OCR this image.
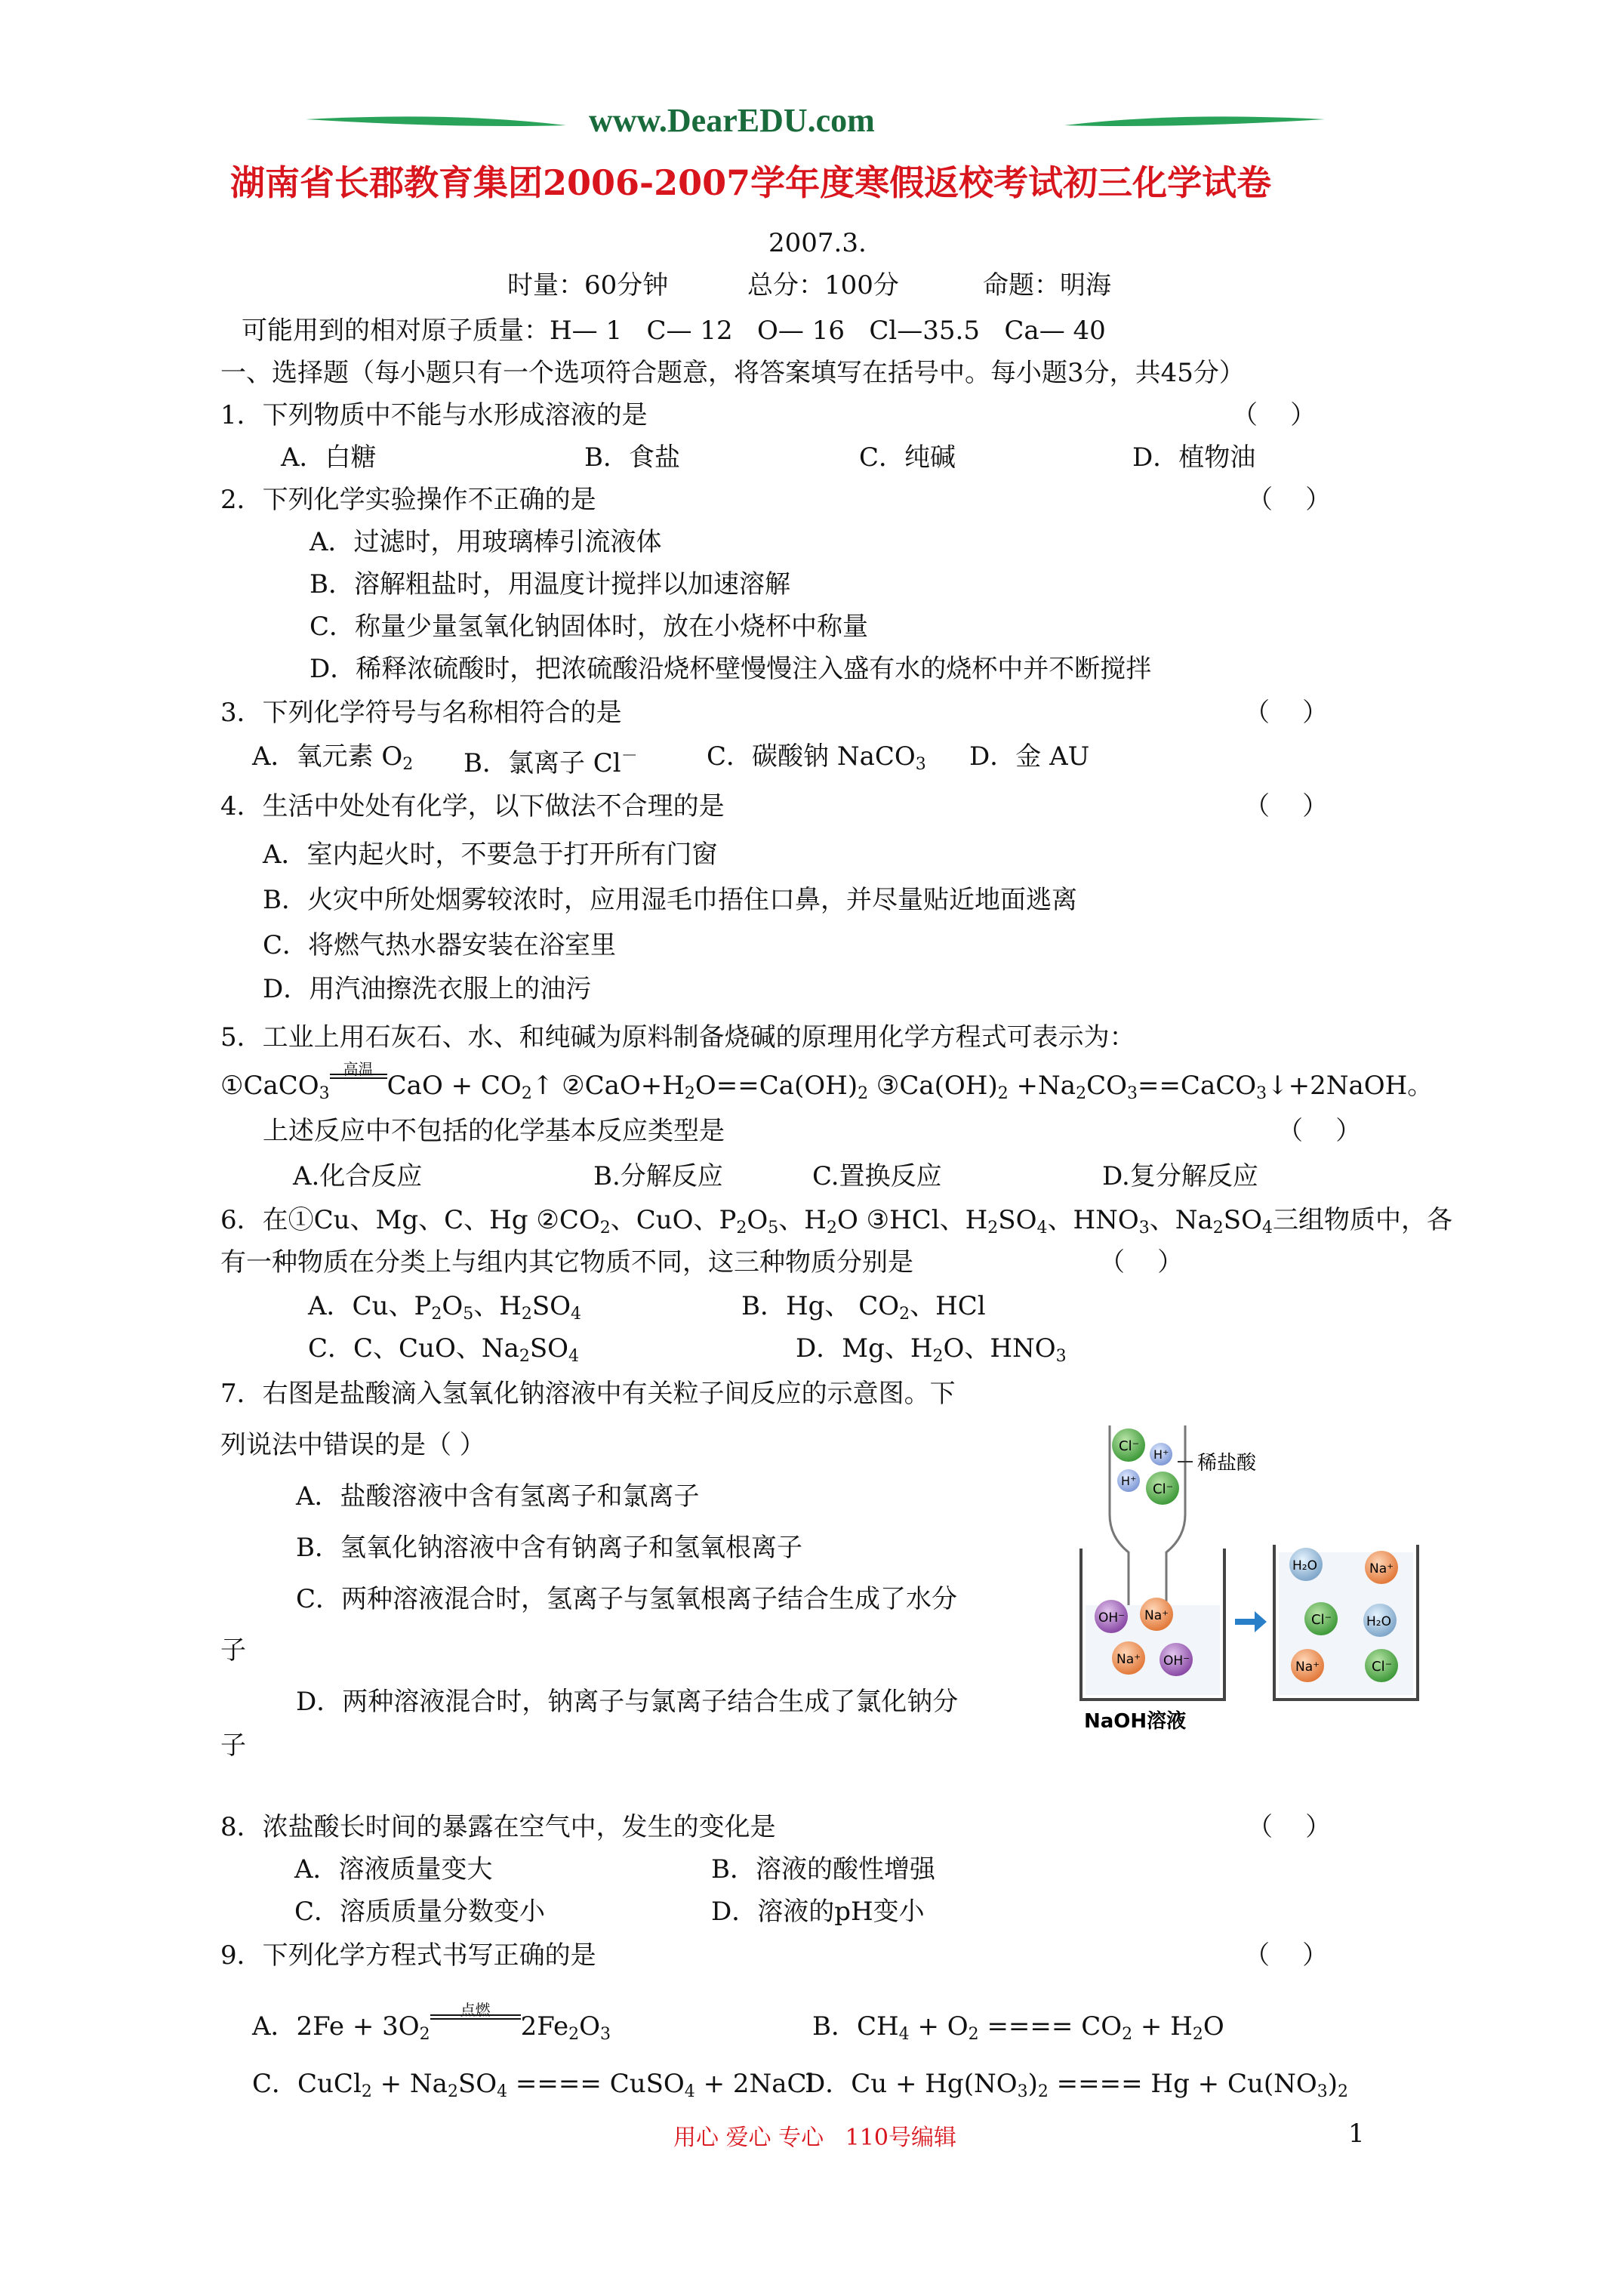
www.DearEDU.com
湖南省长郡教育集团2006-2007学年度寒假返校考试初三化学试卷
2007.3.
时量：60分钟	总分：100分	命题：明海
可能用到的相对原子质量：H— 1   C— 12   O— 16   Cl—35.5   Ca— 40
一、选择题（每小题只有一个选项符合题意，将答案填写在括号中。每小题3分，共45分）
1．下列物质中不能与水形成溶液的是	（    ）
A．白糖	B．食盐	C．纯碱	D．植物油
2．下列化学实验操作不正确的是	（    ）
A．过滤时，用玻璃棒引流液体
B．溶解粗盐时，用温度计搅拌以加速溶解
C．称量少量氢氧化钠固体时，放在小烧杯中称量
D．稀释浓硫酸时，把浓硫酸沿烧杯壁慢慢注入盛有水的烧杯中并不断搅拌
3．下列化学符号与名称相符合的是	（    ）
A．氧元素 $O_2$ B．氯离子 Cl－	C．碳酸钠 NaCO$_3$ D．金 AU
4．生活中处处有化学，以下做法不合理的是	（    ）
A．室内起火时，不要急于打开所有门窗
B．火灾中所处烟雾较浓时，应用湿毛巾捂住口鼻，并尽量贴近地面逃离
C．将燃气热水器安装在浴室里
D．用汽油擦洗衣服上的油污
5．工业上用石灰石、水、和纯碱为原料制备烧碱的原理用化学方程式可表示为：
①CaCO$_3$
高温
CaO + $CO_2↑$ $②CaO+H_2O==Ca(OH)_2$ $③Ca(OH)_2$ $+Na_2CO_3==CaCO_3↓+2NaOH$。
上述反应中不包括的化学基本反应类型是	（    ）
A.化合反应	B.分解反应	C.置换反应	D.复分解反应
6．在①Cu、Mg、C、Hg $②CO_2$、CuO、$P_2O_5$、$H_2O$ ③HCl、$H_2SO_4$、$HNO_3$、$Na_2SO_4$三组物质中，各
有一种物质在分类上与组内其它物质不同，这三种物质分别是	（    ）
A．Cu、$P_2O_5$、$H_2SO_4$	B．Hg、 $CO_2$、HCl
C．C、CuO、$Na_2SO_4$	D．Mg、$H_2O$、$HNO_3$
7．右图是盐酸滴入氢氧化钠溶液中有关粒子间反应的示意图。下
列说法中错误的是（ ）
A．盐酸溶液中含有氢离子和氯离子
B．氢氧化钠溶液中含有钠离子和氢氧根离子
C．两种溶液混合时，氢离子与氢氧根离子结合生成了水分
子
D．两种溶液混合时，钠离子与氯离子结合生成了氯化钠分
子
Cl⁻
H⁺
H⁺
Cl⁻
稀盐酸
OH⁻ Na⁺
Na⁺ OH⁻
NaOH溶液
H₂O	Na⁺
Cl⁻	H₂O
Na⁺	Cl⁻
8．浓盐酸长时间的暴露在空气中，发生的变化是	（    ）
A．溶液质量变大	B．溶液的酸性增强
C．溶质质量分数变小	D．溶液的pH变小
9．下列化学方程式书写正确的是	（    ）
A．$2Fe + 3O_2$
点燃
$2Fe_2O_3$	B．$CH_4 + O_2$ ==== $CO_2 + H_2O$
C．CuCl$_2$ + $Na_2SO_4$ ==== CuSO$_4$ + 2NaCl
D．$Cu + Hg(NO_3)_2$ ==== $Hg + Cu(NO_3)_2$
用心 爱心 专心   110号编辑	1
